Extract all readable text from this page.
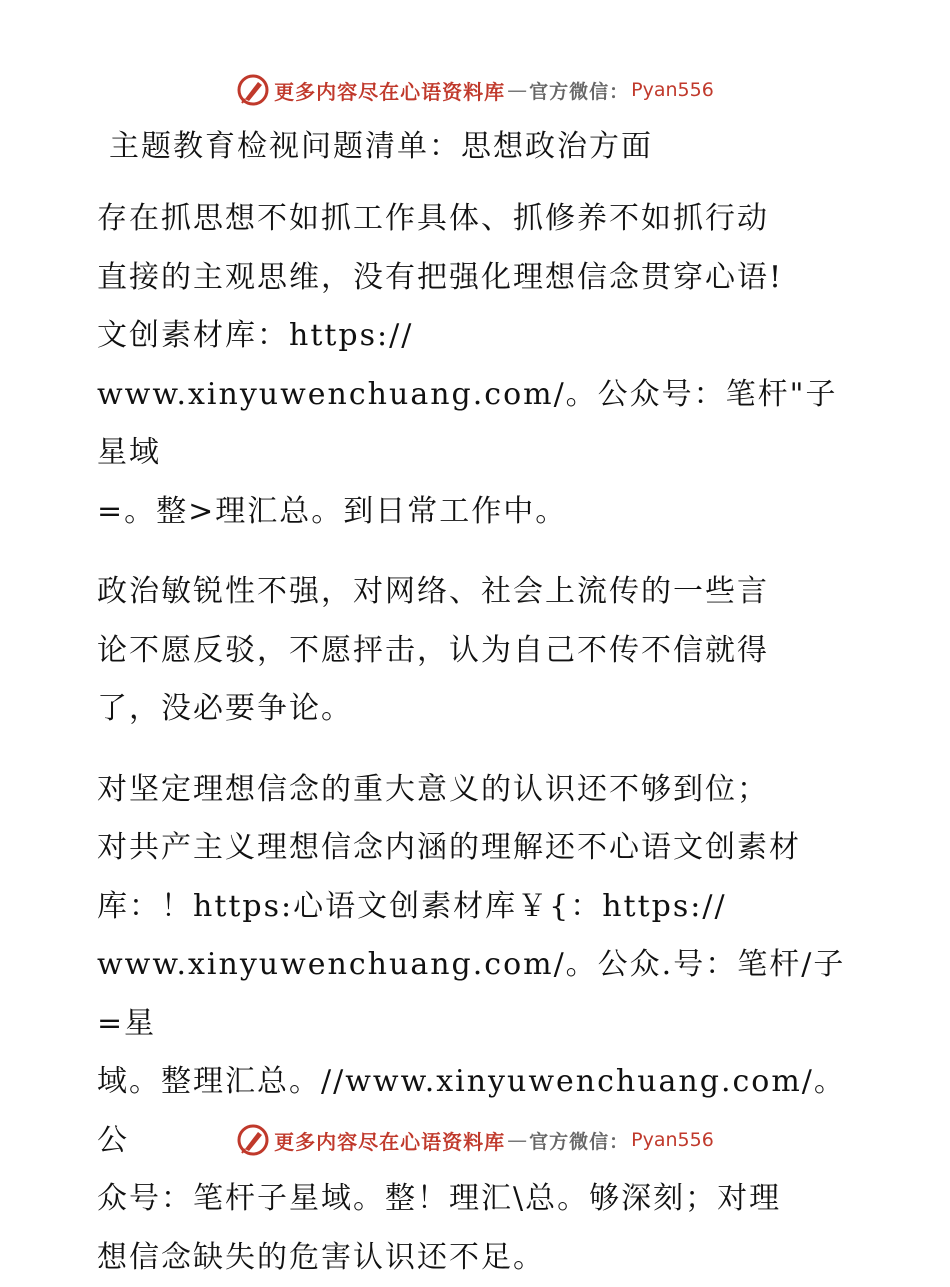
更多内容尽在心语资料库 — 官方微信： Pyan556
主题教育检视问题清单：思想政治方面

存在抓思想不如抓工作具体、抓修养不如抓行动
直接的主观思维，没有把强化理想信念贯穿心语!
文创素材库：https://
www.xinyuwenchuang.com/。公众号：笔杆"子星域
=。整>理汇总。到日常工作中。

政治敏锐性不强，对网络、社会上流传的一些言
论不愿反驳，不愿抨击，认为自己不传不信就得
了，没必要争论。

对坚定理想信念的重大意义的认识还不够到位；
对共产主义理想信念内涵的理解还不心语文创素材
库：！https:心语文创素材库￥{：https://
www.xinyuwenchuang.com/。公众.号：笔杆/子=星
域。整理汇总。//www.xinyuwenchuang.com/。公
众号：笔杆子星域。整！理汇\总。够深刻；对理
想信念缺失的危害认识还不足。

更多内容尽在心语资料库 — 官方微信： Pyan556
